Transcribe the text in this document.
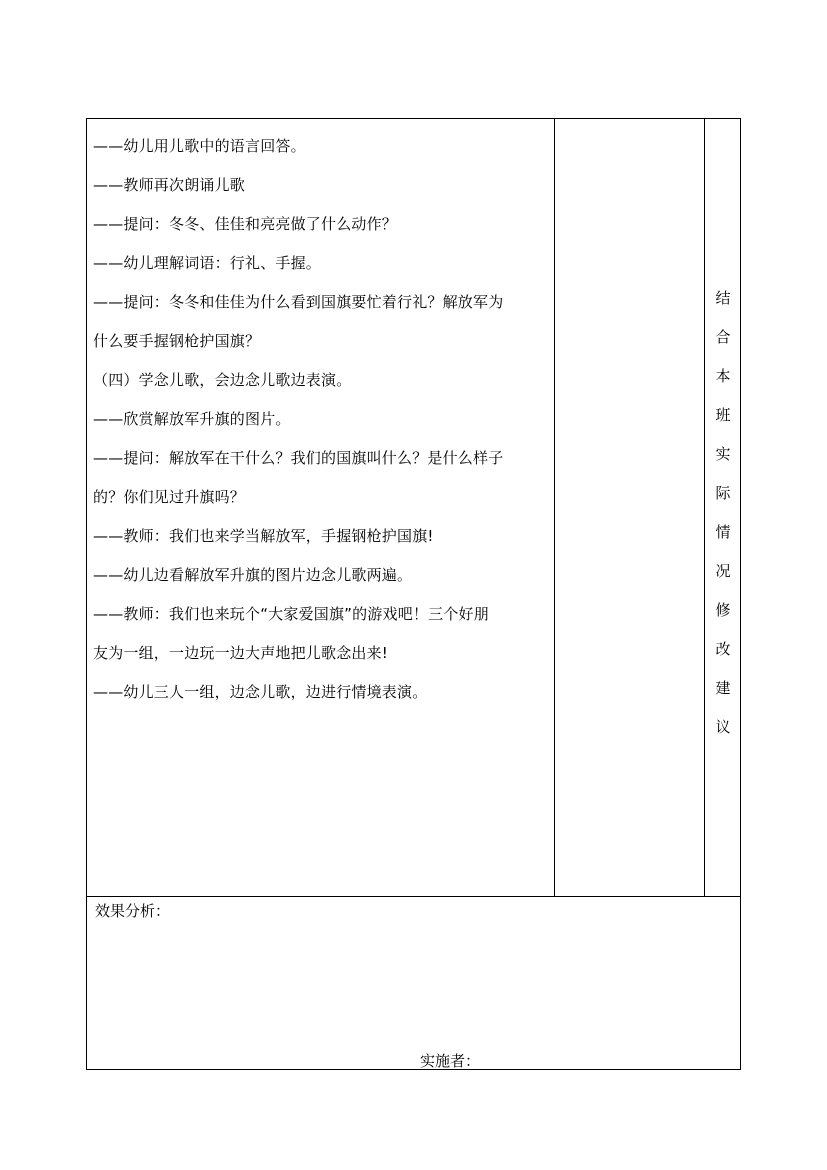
——幼儿用儿歌中的语言回答。
——教师再次朗诵儿歌
——提问：冬冬、佳佳和亮亮做了什么动作？
——幼儿理解词语：行礼、手握。
——提问：冬冬和佳佳为什么看到国旗要忙着行礼？解放军为
什么要手握钢枪护国旗？
（四）学念儿歌，会边念儿歌边表演。
——欣赏解放军升旗的图片。
——提问：解放军在干什么？我们的国旗叫什么？是什么样子
的？你们见过升旗吗？
——教师：我们也来学当解放军，手握钢枪护国旗!
——幼儿边看解放军升旗的图片边念儿歌两遍。
——教师：我们也来玩个“大家爱国旗”的游戏吧！三个好朋
友为一组，一边玩一边大声地把儿歌念出来!
——幼儿三人一组，边念儿歌，边进行情境表演。
结
合
本
班
实
际
情
况
修
改
建
议
效果分析：
实施者：
